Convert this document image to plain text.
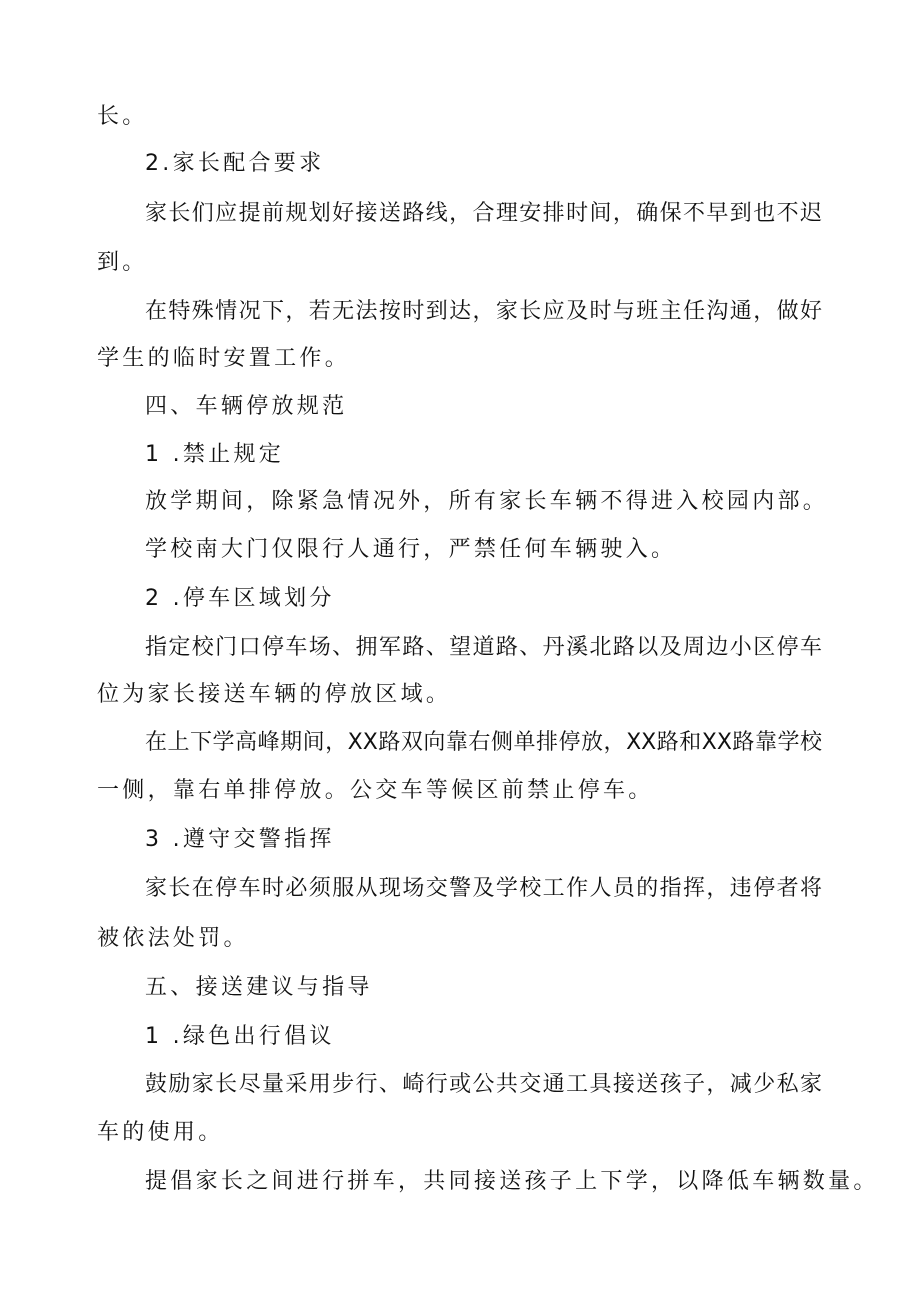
长。
2.家长配合要求
家长们应提前规划好接送路线，合理安排时间，确保不早到也不迟
到。
在特殊情况下，若无法按时到达，家长应及时与班主任沟通，做好
学生的临时安置工作。
四、车辆停放规范
1 .禁止规定
放学期间，除紧急情况外，所有家长车辆不得进入校园内部。
学校南大门仅限行人通行，严禁任何车辆驶入。
2 .停车区域划分
指定校门口停车场、拥军路、望道路、丹溪北路以及周边小区停车
位为家长接送车辆的停放区域。
在上下学高峰期间，XX路双向靠右侧单排停放，XX路和XX路靠学校
一侧，靠右单排停放。公交车等候区前禁止停车。
3 .遵守交警指挥
家长在停车时必须服从现场交警及学校工作人员的指挥，违停者将
被依法处罚。
五、接送建议与指导
1 .绿色出行倡议
鼓励家长尽量采用步行、崎行或公共交通工具接送孩子，减少私家
车的使用。
提倡家长之间进行拼车，共同接送孩子上下学，以降低车辆数量。
